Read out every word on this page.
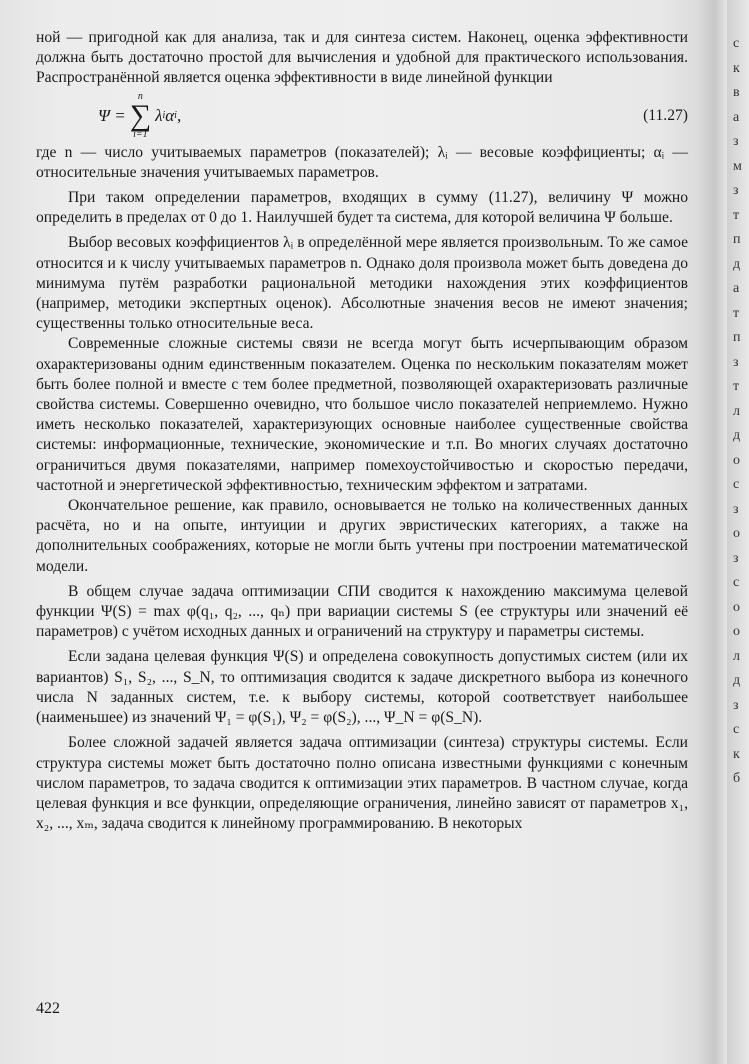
ной — пригодной как для анализа, так и для синтеза систем. Наконец, оценка эффективности должна быть достаточно простой для вычисления и удобной для практического использования. Распространённой является оценка эффективности в виде линейной функции

Ψ =
n
∑
i=1
λ i α i ,	(11.27)

где n — число учитываемых параметров (показателей); λᵢ — весовые коэффициенты; αᵢ — относительные значения учитываемых параметров.

При таком определении параметров, входящих в сумму (11.27), величину Ψ можно определить в пределах от 0 до 1. Наилучшей будет та система, для которой величина Ψ больше.

Выбор весовых коэффициентов λᵢ в определённой мере является произвольным. То же самое относится и к числу учитываемых параметров n. Однако доля произвола может быть доведена до минимума путём разработки рациональной методики нахождения этих коэффициентов (например, методики экспертных оценок). Абсолютные значения весов не имеют значения; существенны только относительные веса.

Современные сложные системы связи не всегда могут быть исчерпывающим образом охарактеризованы одним единственным показателем. Оценка по нескольким показателям может быть более полной и вместе с тем более предметной, позволяющей охарактеризовать различные свойства системы. Совершенно очевидно, что большое число показателей неприемлемо. Нужно иметь несколько показателей, характеризующих основные наиболее существенные свойства системы: информационные, технические, экономические и т.п. Во многих случаях достаточно ограничиться двумя показателями, например помехоустойчивостью и скоростью передачи, частотной и энергетической эффективностью, техническим эффектом и затратами.

Окончательное решение, как правило, основывается не только на количественных данных расчёта, но и на опыте, интуиции и других эвристических категориях, а также на дополнительных соображениях, которые не могли быть учтены при построении математической модели.

В общем случае задача оптимизации СПИ сводится к нахождению максимума целевой функции Ψ(S) = max φ(q₁, q₂, ..., qₙ) при вариации системы S (ее структуры или значений её параметров) с учётом исходных данных и ограничений на структуру и параметры системы.

Если задана целевая функция Ψ(S) и определена совокупность допустимых систем (или их вариантов) S₁, S₂, ..., S_N, то оптимизация сводится к задаче дискретного выбора из конечного числа N заданных систем, т.е. к выбору системы, которой соответствует наибольшее (наименьшее) из значений Ψ₁ = φ(S₁), Ψ₂ = φ(S₂), ..., Ψ_N = φ(S_N).

Более сложной задачей является задача оптимизации (синтеза) структуры системы. Если структура системы может быть достаточно полно описана известными функциями с конечным числом параметров, то задача сводится к оптимизации этих параметров. В частном случае, когда целевая функция и все функции, определяющие ограничения, линейно зависят от параметров x₁, x₂, ..., xₘ, задача сводится к линейному программированию. В некоторых

422
с
к
в
а
з
м
з
т
п
д
а
т
п
з
т
л
д
о
с
з
о
з
с
о
о
л
д
з
с
к
б
